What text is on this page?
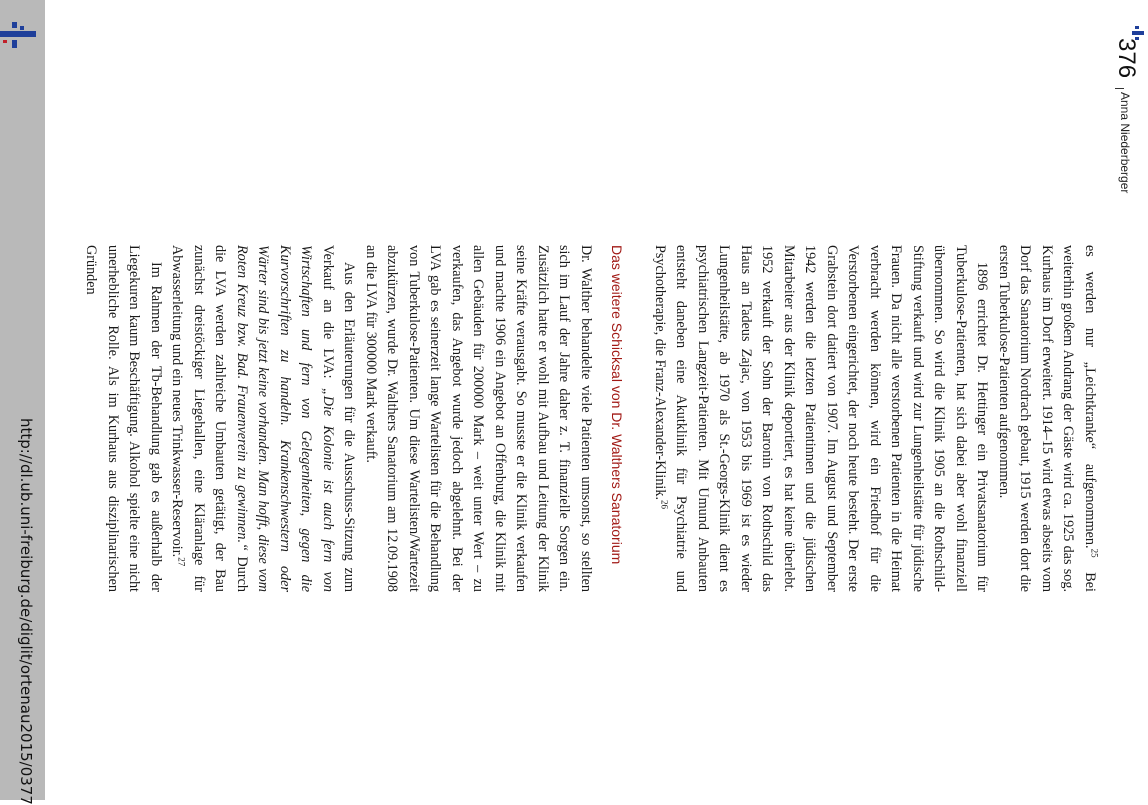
http://dl.ub.uni-freiburg.de/diglit/ortenau2015/0377
376
Anna Niederberger

es werden nur „Leichtkranke“ aufgenommen.$^{25}$ Bei weiterhin großem Andrang der Gäste wird ca. 1925 das sog. Kurhaus im Dorf erweitert. 1914–15 wird etwas abseits vom Dorf das Sanatorium Nordrach gebaut, 1915 werden dort die ersten Tuberkulose-Patienten aufgenommen.

1896 errichtet Dr. Hettinger ein Privatsanatorium für Tuberkulose-Patienten, hat sich dabei aber wohl finanziell übernommen. So wird die Klinik 1905 an die Rothschild-Stiftung verkauft und wird zur Lungenheilstätte für jüdische Frauen. Da nicht alle verstorbenen Patienten in die Heimat verbracht werden können, wird ein Friedhof für die Verstorbenen eingerichtet, der noch heute besteht. Der erste Grabstein dort datiert von 1907. Im August und September 1942 werden die letzten Patientinnen und die jüdischen Mitarbeiter aus der Klinik deportiert, es hat keine überlebt. 1952 verkauft der Sohn der Baronin von Rothschild das Haus an Tadeus Zajac, von 1953 bis 1969 ist es wieder Lungenheilstätte, ab 1970 als St.-Georgs-Klinik dient es psychiatrischen Langzeit-Patienten. Mit Umund Anbauten entsteht daneben eine Akutklinik für Psychiatrie und Psychotherapie, die Franz-Alexander-Klinik.$^{26}$

Das weitere Schicksal von Dr. Walthers Sanatorium

Dr. Walther behandelte viele Patienten umsonst, so stellten sich im Lauf der Jahre daher z. T. finanzielle Sorgen ein. Zusätzlich hatte er wohl mit Aufbau und Leitung der Klinik seine Kräfte verausgabt. So musste er die Klinik verkaufen und machte 1906 ein Angebot an Offenburg, die Klinik mit allen Gebäuden für 200000 Mark – weit unter Wert – zu verkaufen, das Angebot wurde jedoch abgelehnt. Bei der LVA gab es seinerzeit lange Wartelisten für die Behandlung von Tuberkulose-Patienten. Um diese Wartelisten/Wartezeit abzukürzen, wurde Dr. Walthers Sanatorium am 12.09.1908 an die LVA für 300000 Mark verkauft.

Aus den Erläuterungen für die Ausschuss-Sitzung zum Verkauf an die LVA: „Die Kolonie ist auch fern von Wirtschaften und fern von Gelegenheiten, gegen die Kurvorschriften zu handeln. Krankenschwestern oder Wärter sind bis jetzt keine vorhanden. Man hofft, diese vom Roten Kreuz bzw. Bad. Frauenverein zu gewinnen.“ Durch die LVA werden zahlreiche Umbauten getätigt, der Bau zunächst dreistöckiger Liegehallen, eine Kläranlage für Abwasserleitung und ein neues Trinkwasser-Reservoir.$^{27}$

Im Rahmen der Tb-Behandlung gab es außerhalb der Liegekuren kaum Beschäftigung. Alkohol spielte eine nicht unerhebliche Rolle. Als im Kurhaus aus disziplinarischen Gründen
